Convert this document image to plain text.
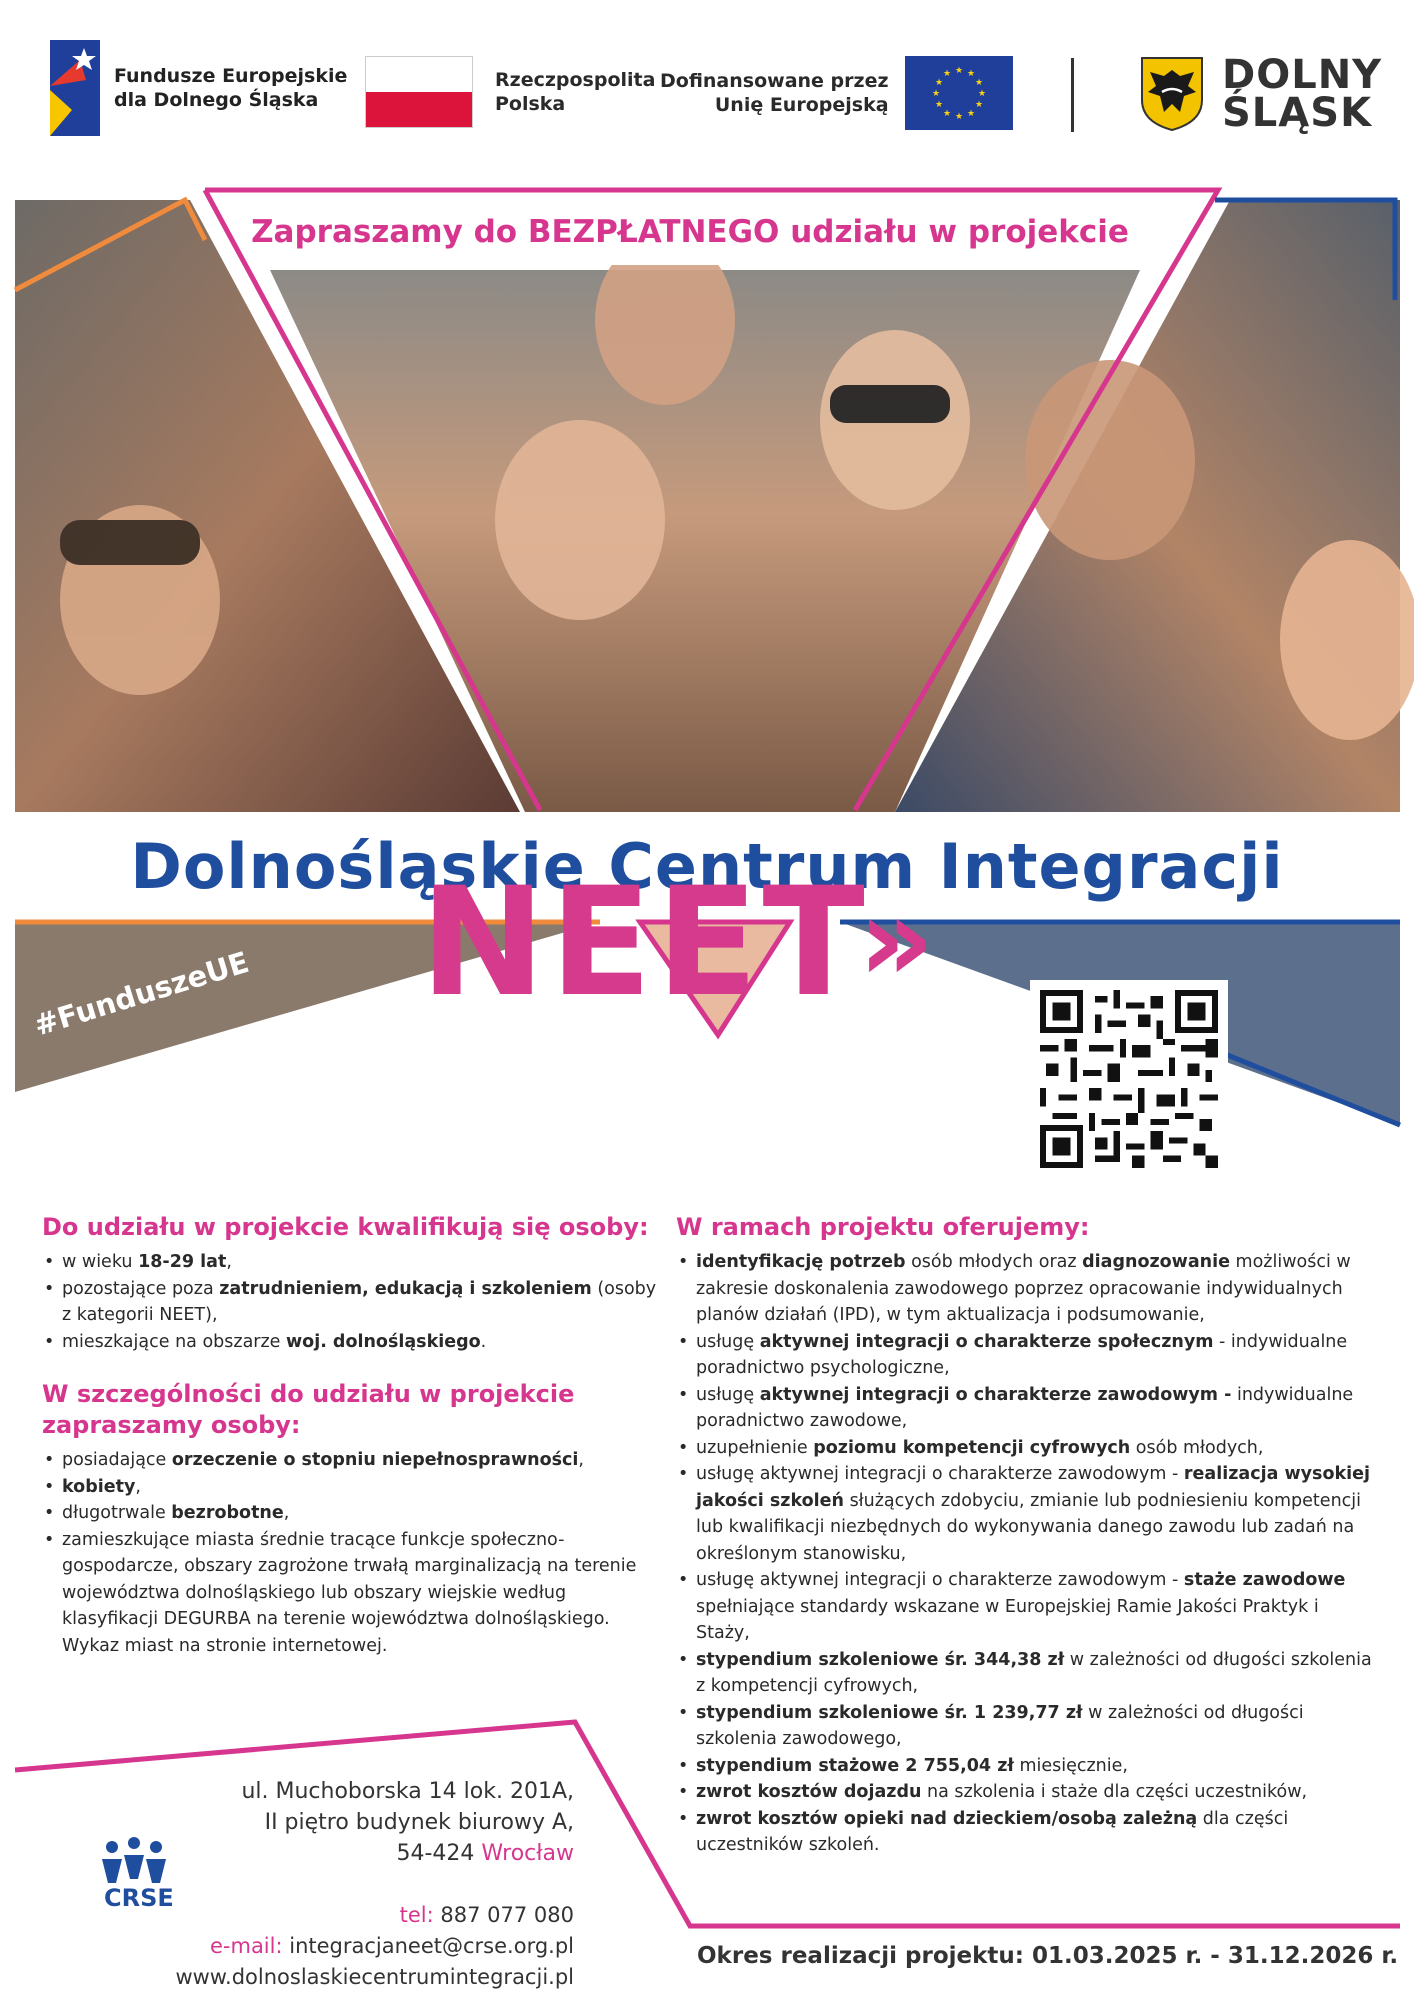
Fundusze Europejskie
dla Dolnego Śląska
Rzeczpospolita
Polska
Dofinansowane przez
Unię Europejską
★ ★
★
★
★
★
★
★
★
★
★
★	DOLNY
ŚLĄSK
Zapraszamy do BEZPŁATNEGO udziału w projekcie
Dolnośląskie Centrum Integracji
#FunduszeUE NEET
»
Do udziału w projekcie kwalifikują się osoby:
• w wieku 18-29 lat,
• pozostające poza zatrudnieniem, edukacją i szkoleniem (osoby z kategorii NEET),
• mieszkające na obszarze woj. dolnośląskiego.
W szczególności do udziału w projekcie zapraszamy osoby:
• posiadające orzeczenie o stopniu niepełnosprawności,
• kobiety,
• długotrwale bezrobotne,
• zamieszkujące miasta średnie tracące funkcje społeczno-gospodarcze, obszary zagrożone trwałą marginalizacją na terenie województwa dolnośląskiego lub obszary wiejskie według klasyfikacji DEGURBA na terenie województwa dolnośląskiego. Wykaz miast na stronie internetowej.
W ramach projektu oferujemy:
• identyfikację potrzeb osób młodych oraz diagnozowanie możliwości w zakresie doskonalenia zawodowego poprzez opracowanie indywidualnych planów działań (IPD), w tym aktualizacja i podsumowanie,
• usługę aktywnej integracji o charakterze społecznym - indywidualne poradnictwo psychologiczne,
• usługę aktywnej integracji o charakterze zawodowym - indywidualne poradnictwo zawodowe,
• uzupełnienie poziomu kompetencji cyfrowych osób młodych,
• usługę aktywnej integracji o charakterze zawodowym - realizacja wysokiej jakości szkoleń służących zdobyciu, zmianie lub podniesieniu kompetencji lub kwalifikacji niezbędnych do wykonywania danego zawodu lub zadań na określonym stanowisku,
• usługę aktywnej integracji o charakterze zawodowym - staże zawodowe spełniające standardy wskazane w Europejskiej Ramie Jakości Praktyk i Staży,
• stypendium szkoleniowe śr. 344,38 zł w zależności od długości szkolenia z kompetencji cyfrowych,
• stypendium szkoleniowe śr. 1 239,77 zł w zależności od długości szkolenia zawodowego,
• stypendium stażowe 2 755,04 zł miesięcznie,
• zwrot kosztów dojazdu na szkolenia i staże dla części uczestników,
• zwrot kosztów opieki nad dzieckiem/osobą zależną dla części uczestników szkoleń.
ul. Muchoborska 14 lok. 201A,
II piętro budynek biurowy A,
54-424 Wrocław
CRSE
tel: 887 077 080
e-mail: integracjaneet@crse.org.pl
www.dolnoslaskiecentrumintegracji.pl
Okres realizacji projektu: 01.03.2025 r. - 31.12.2026 r.
